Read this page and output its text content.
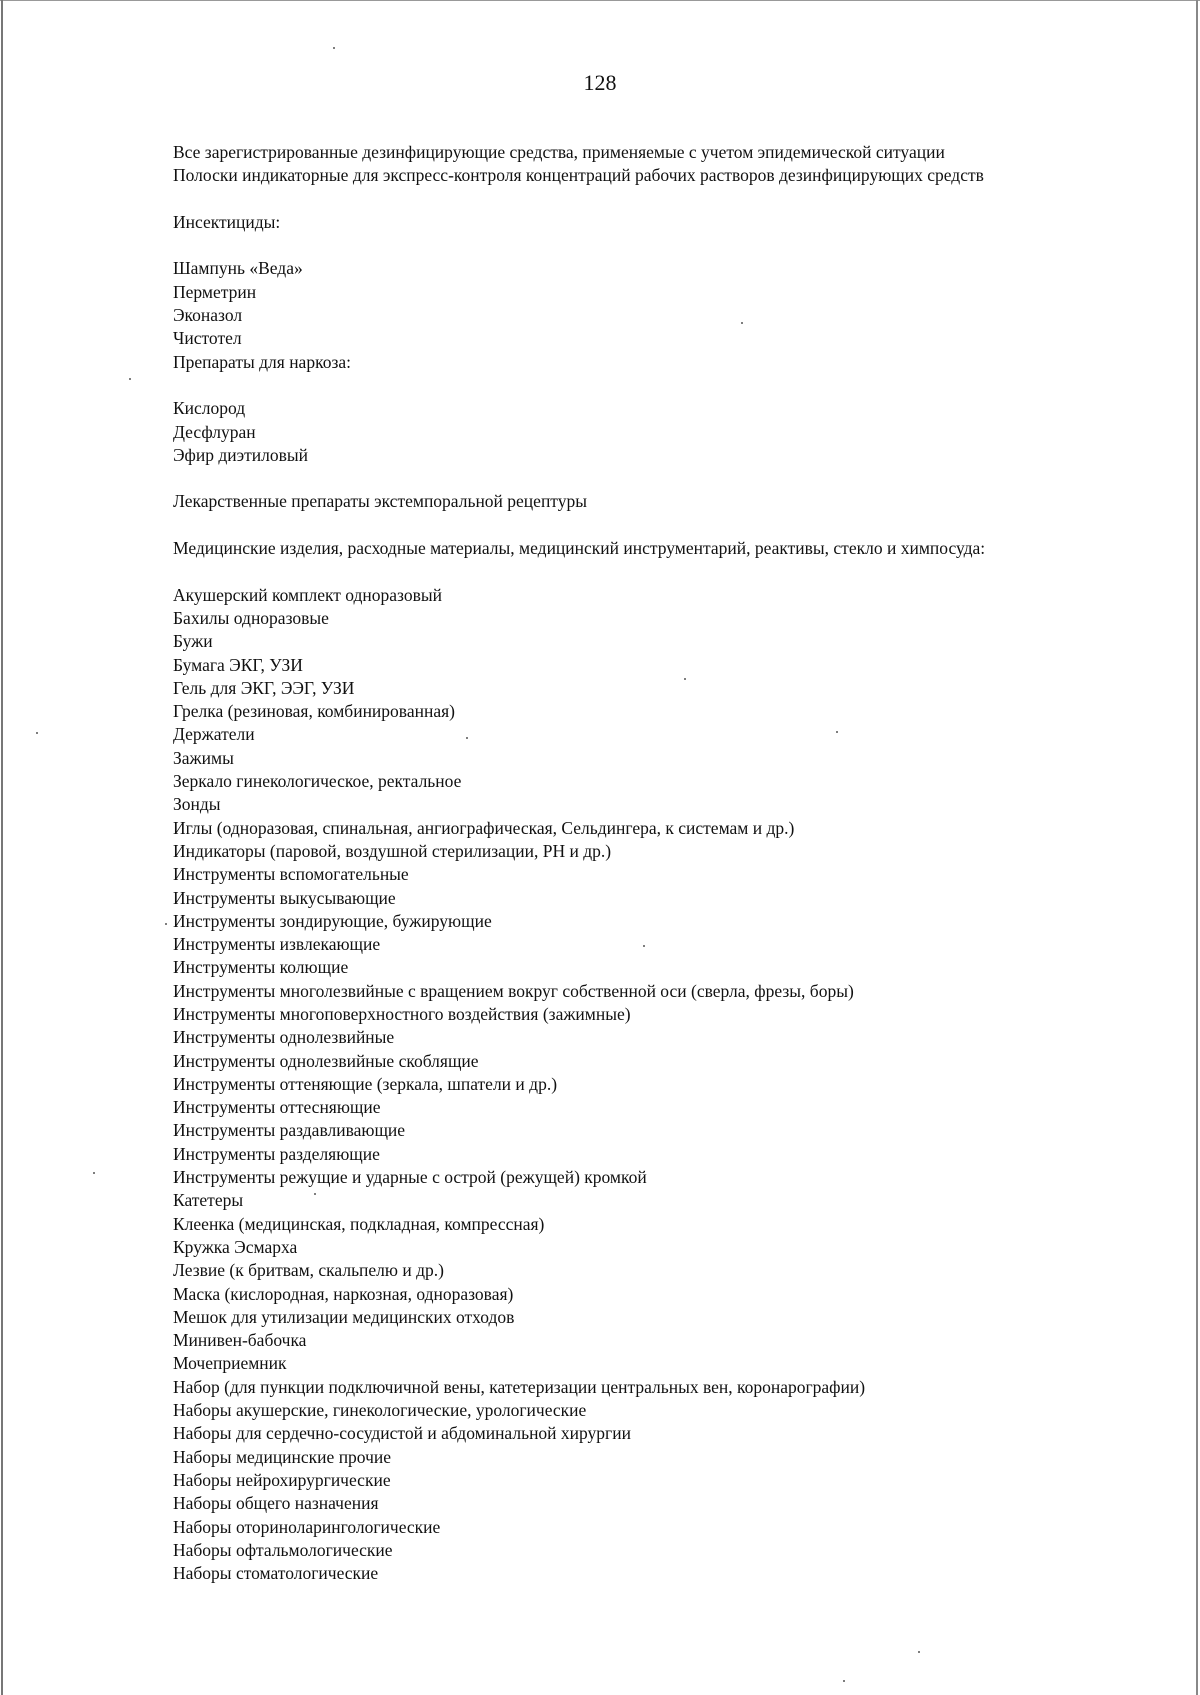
128
Все зарегистрированные дезинфицирующие средства, применяемые с учетом эпидемической ситуации
Полоски индикаторные для экспресс-контроля концентраций рабочих растворов дезинфицирующих средств
Инсектициды:
Шампунь «Веда»
Перметрин
Эконазол
Чистотел
Препараты для наркоза:
Кислород
Десфлуран
Эфир диэтиловый
Лекарственные препараты экстемпоральной рецептуры
Медицинские изделия, расходные материалы, медицинский инструментарий, реактивы, стекло и химпосуда:
Акушерский комплект одноразовый
Бахилы одноразовые
Бужи
Бумага ЭКГ, УЗИ
Гель для ЭКГ, ЭЭГ, УЗИ
Грелка (резиновая, комбинированная)
Держатели
Зажимы
Зеркало гинекологическое, ректальное
Зонды
Иглы (одноразовая, спинальная, ангиографическая, Сельдингера, к системам и др.)
Индикаторы (паровой, воздушной стерилизации, РН и др.)
Инструменты вспомогательные
Инструменты выкусывающие
Инструменты зондирующие, бужирующие
Инструменты извлекающие
Инструменты колющие
Инструменты многолезвийные с вращением вокруг собственной оси (сверла, фрезы, боры)
Инструменты многоповерхностного воздействия (зажимные)
Инструменты однолезвийные
Инструменты однолезвийные скоблящие
Инструменты оттеняющие (зеркала, шпатели и др.)
Инструменты оттесняющие
Инструменты раздавливающие
Инструменты разделяющие
Инструменты режущие и ударные с острой (режущей) кромкой
Катетеры
Клеенка (медицинская, подкладная, компрессная)
Кружка Эсмарха
Лезвие (к бритвам, скальпелю и др.)
Маска (кислородная, наркозная, одноразовая)
Мешок для утилизации медицинских отходов
Минивен-бабочка
Мочеприемник
Набор (для пункции подключичной вены, катетеризации центральных вен, коронарографии)
Наборы акушерские, гинекологические, урологические
Наборы для сердечно-сосудистой и абдоминальной хирургии
Наборы медицинские прочие
Наборы нейрохирургические
Наборы общего назначения
Наборы оториноларингологические
Наборы офтальмологические
Наборы стоматологические
